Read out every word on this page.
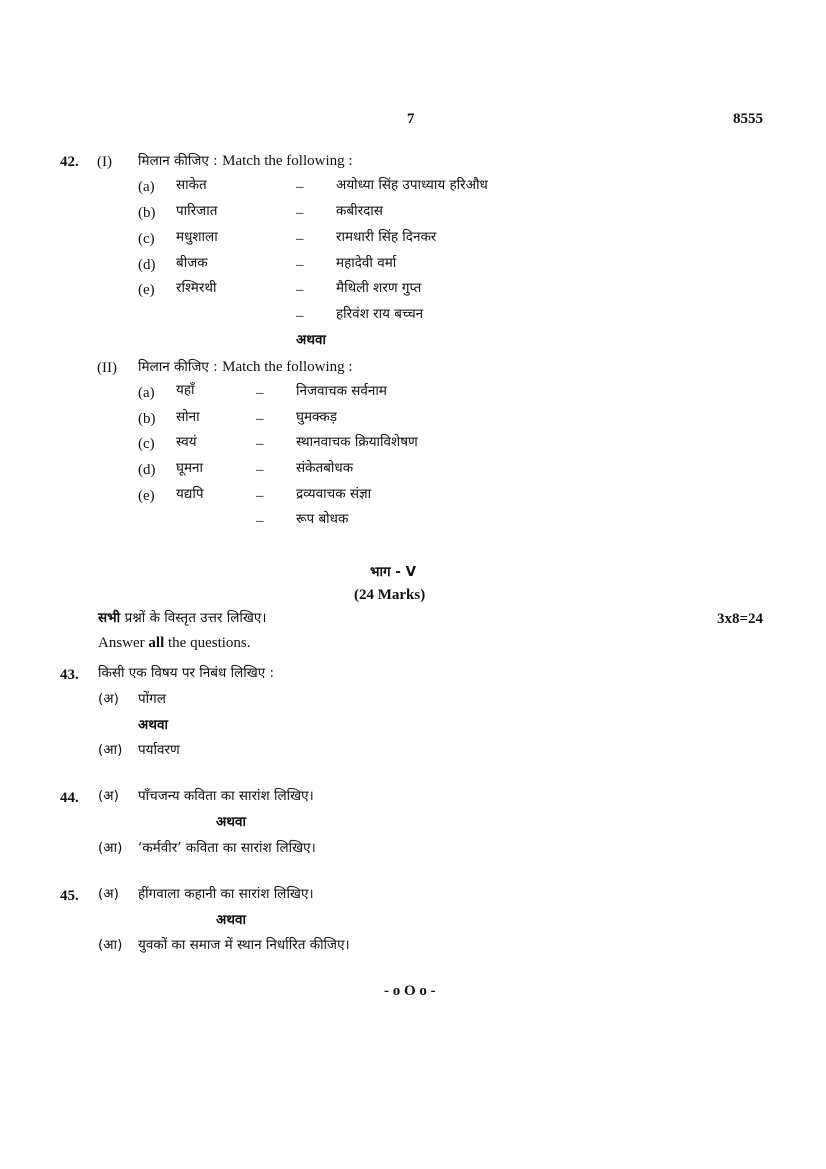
7	8555
42. (I) मिलान कीजिए : Match the following :
(a) साकेत	– अयोध्या सिंह उपाध्याय हरिऔध
(b) पारिजात	– कबीरदास
(c) मधुशाला	– रामधारी सिंह दिनकर
(d) बीजक	– महादेवी वर्मा
(e) रश्मिरथी	– मैथिली शरण गुप्त
– हरिवंश राय बच्चन
अथवा
(II) मिलान कीजिए : Match the following :
(a) यहाँ	– निजवाचक सर्वनाम
(b) सोना	– घुमक्कड़
(c) स्वयं	– स्थानवाचक क्रियाविशेषण
(d) घूमना	– संकेतबोधक
(e) यद्यपि	– द्रव्यवाचक संज्ञा
– रूप बोधक
भाग - V
(24 Marks)
सभी प्रश्नों के विस्तृत उत्तर लिखिए।	3x8=24
Answer all the questions.
43. किसी एक विषय पर निबंध लिखिए :
(अ) पोंगल
अथवा
(आ) पर्यावरण
44. (अ) पाँचजन्य कविता का सारांश लिखिए।
अथवा
(आ) ‘कर्मवीर’ कविता का सारांश लिखिए।
45. (अ) हींगवाला कहानी का सारांश लिखिए।
अथवा
(आ) युवकों का समाज में स्थान निर्धारित कीजिए।
- o O o -
